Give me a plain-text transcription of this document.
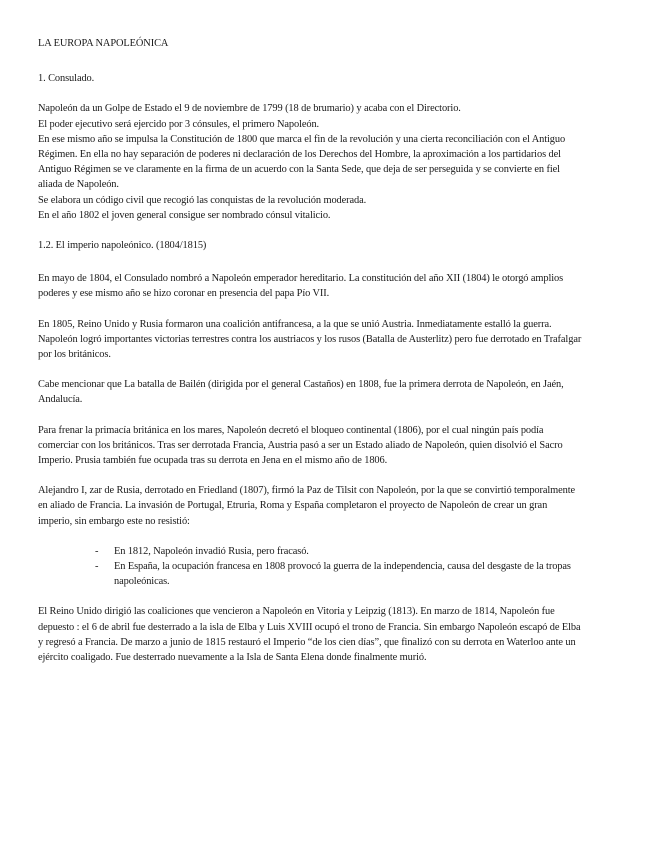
LA EUROPA NAPOLEÓNICA

1. Consulado.

Napoleón da un Golpe de Estado el 9 de noviembre de 1799 (18 de brumario) y acaba con el Directorio.

El poder ejecutivo será ejercido por 3 cónsules, el primero Napoleón.

En ese mismo año se impulsa la Constitución de 1800 que marca el fin de la revolución y una cierta reconciliación con el Antiguo Régimen. En ella no hay separación de poderes ni declaración de los Derechos del Hombre, la aproximación a los partidarios del Antiguo Régimen se ve claramente en la firma de un acuerdo con la Santa Sede, que deja de ser perseguida y se convierte en fiel aliada de Napoleón.

Se elabora un código civil que recogió las conquistas de la revolución moderada.

En el año 1802 el joven general consigue ser nombrado cónsul vitalicio.

1.2. El imperio napoleónico. (1804/1815)

En mayo de 1804, el Consulado nombró a Napoleón emperador hereditario. La constitución del año XII (1804) le otorgó amplios poderes y ese mismo año se hizo coronar en presencia del papa Pío VII.

En 1805, Reino Unido y Rusia formaron una coalición antifrancesa, a la que se unió Austria. Inmediatamente estalló la guerra. Napoleón logró importantes victorias terrestres contra los austriacos y los rusos (Batalla de Austerlitz) pero fue derrotado en Trafalgar por los británicos.

Cabe mencionar que La batalla de Bailén (dirigida por el general Castaños) en 1808, fue la primera derrota de Napoleón, en Jaén, Andalucía.

Para frenar la primacía británica en los mares, Napoleón decretó el bloqueo continental (1806), por el cual ningún país podía comerciar con los británicos. Tras ser derrotada Francia, Austria pasó a ser un Estado aliado de Napoleón, quien disolvió el Sacro Imperio. Prusia también fue ocupada tras su derrota en Jena en el mismo año de 1806.

Alejandro I, zar de Rusia, derrotado en Friedland (1807), firmó la Paz de Tilsit con Napoleón, por la que se convirtió temporalmente en aliado de Francia. La invasión de Portugal, Etruria, Roma y España completaron el proyecto de Napoleón de crear un gran imperio, sin embargo este no resistió:

- En 1812, Napoleón invadió Rusia, pero fracasó.
- En España, la ocupación francesa en 1808 provocó la guerra de la independencia, causa del desgaste de la tropas napoleónicas.

El Reino Unido dirigió las coaliciones que vencieron a Napoleón en Vitoria y Leipzig (1813). En marzo de 1814, Napoleón fue depuesto : el 6 de abril fue desterrado a la isla de Elba y Luis XVIII ocupó el trono de Francia. Sin embargo Napoleón escapó de Elba y regresó a Francia. De marzo a junio de 1815 restauró el Imperio “de los cien días”, que finalizó con su derrota en Waterloo ante un ejército coaligado. Fue desterrado nuevamente a la Isla de Santa Elena donde finalmente murió.
